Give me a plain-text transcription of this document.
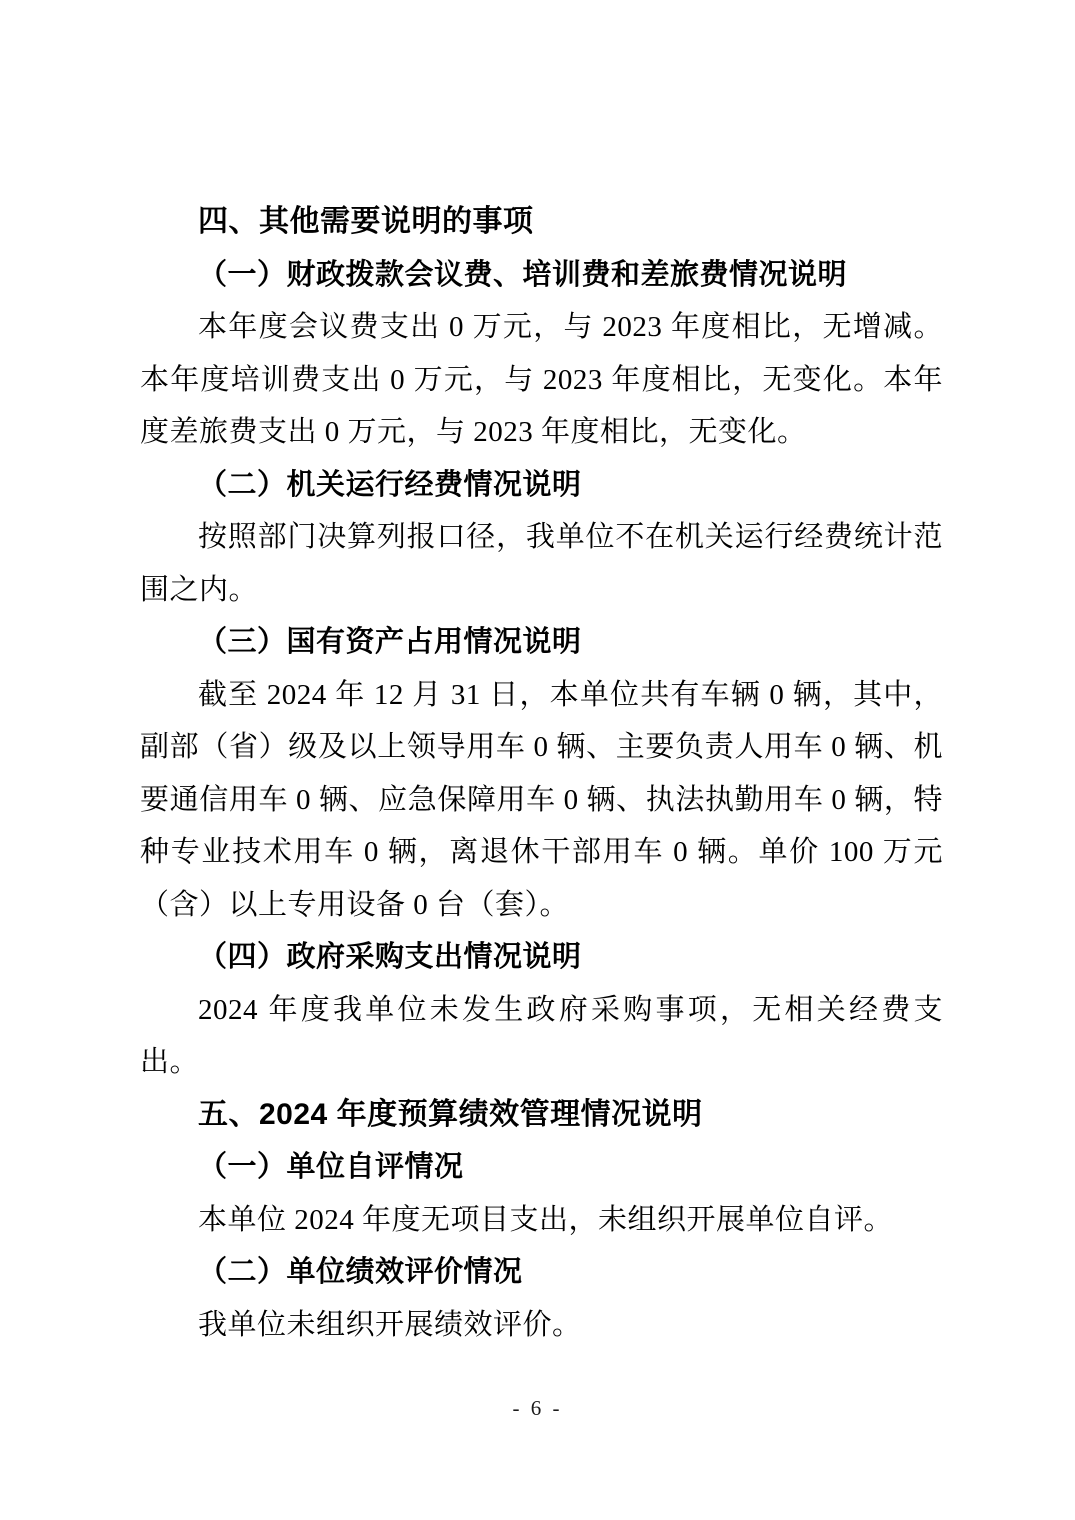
四、其他需要说明的事项
（一）财政拨款会议费、培训费和差旅费情况说明
本年度会议费支出 0 万元，与 2023 年度相比，无增减。本年度培训费支出 0 万元，与 2023 年度相比，无变化。本年度差旅费支出 0 万元，与 2023 年度相比，无变化。
（二）机关运行经费情况说明
按照部门决算列报口径，我单位不在机关运行经费统计范围之内。
（三）国有资产占用情况说明
截至 2024 年 12 月 31 日，本单位共有车辆 0 辆，其中，副部（省）级及以上领导用车 0 辆、主要负责人用车 0 辆、机要通信用车 0 辆、应急保障用车 0 辆、执法执勤用车 0 辆，特种专业技术用车 0 辆，离退休干部用车 0 辆。单价 100 万元（含）以上专用设备 0 台（套）。
（四）政府采购支出情况说明
2024 年度我单位未发生政府采购事项，无相关经费支出。
五、2024 年度预算绩效管理情况说明
（一）单位自评情况
本单位 2024 年度无项目支出，未组织开展单位自评。
（二）单位绩效评价情况
我单位未组织开展绩效评价。
- 6 -
